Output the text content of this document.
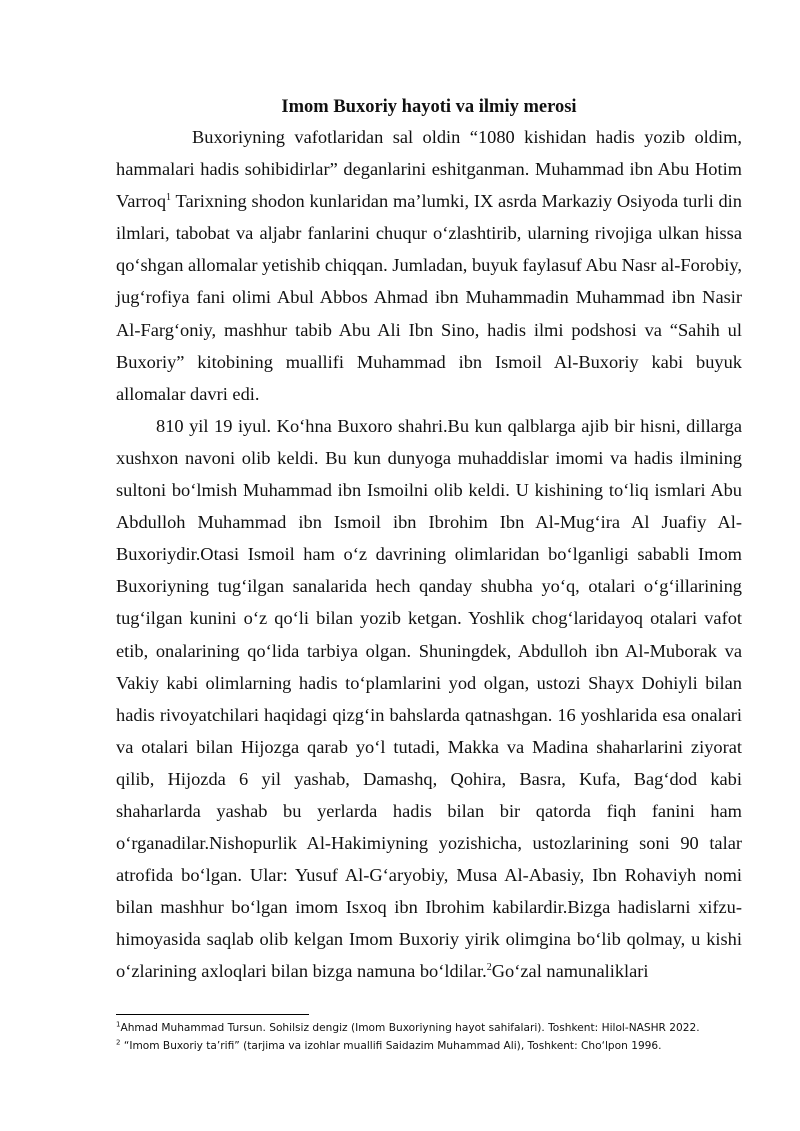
Imom Buxoriy hayoti va ilmiy merosi

Buxoriyning vafotlaridan sal oldin “1080 kishidan hadis yozib oldim, hammalari hadis sohibidirlar” deganlarini eshitganman. Muhammad ibn Abu Hotim Varroq$^1$ Tarixning shodon kunlaridan ma’lumki, IX asrda Markaziy Osiyoda turli din ilmlari, tabobat va aljabr fanlarini chuqur o‘zlashtirib, ularning rivojiga ulkan hissa qo‘shgan allomalar yetishib chiqqan. Jumladan, buyuk faylasuf Abu Nasr al-Forobiy, jug‘rofiya fani olimi Abul Abbos Ahmad ibn Muhammadin Muhammad ibn Nasir Al-Farg‘oniy, mashhur tabib Abu Ali Ibn Sino, hadis ilmi podshosi va “Sahih ul Buxoriy” kitobining muallifi Muhammad ibn Ismoil Al-Buxoriy kabi buyuk allomalar davri edi.

810 yil 19 iyul. Ko‘hna Buxoro shahri.Bu kun qalblarga ajib bir hisni, dillarga xushxon navoni olib keldi. Bu kun dunyoga muhaddislar imomi va hadis ilmining sultoni bo‘lmish Muhammad ibn Ismoilni olib keldi. U kishining to‘liq ismlari Abu Abdulloh Muhammad ibn Ismoil ibn Ibrohim Ibn Al-Mug‘ira Al Juafiy Al-Buxoriydir.Otasi Ismoil ham o‘z davrining olimlaridan bo‘lganligi sababli Imom Buxoriyning tug‘ilgan sanalarida hech qanday shubha yo‘q, otalari o‘g‘illarining tug‘ilgan kunini o‘z qo‘li bilan yozib ketgan. Yoshlik chog‘laridayoq otalari vafot etib, onalarining qo‘lida tarbiya olgan. Shuningdek, Abdulloh ibn Al-Muborak va Vakiy kabi olimlarning hadis to‘plamlarini yod olgan, ustozi Shayx Dohiyli bilan hadis rivoyatchilari haqidagi qizg‘in bahslarda qatnashgan. 16 yoshlarida esa onalari va otalari bilan Hijozga qarab yo‘l tutadi, Makka va Madina shaharlarini ziyorat qilib, Hijozda 6 yil yashab, Damashq, Qohira, Basra, Kufa, Bag‘dod kabi shaharlarda yashab bu yerlarda hadis bilan bir qatorda fiqh fanini ham o‘rganadilar.Nishopurlik Al-Hakimiyning yozishicha, ustozlarining soni 90 talar atrofida bo‘lgan. Ular: Yusuf Al-G‘aryobiy, Musa Al-Abasiy, Ibn Rohaviyh nomi bilan mashhur bo‘lgan imom Isxoq ibn Ibrohim kabilardir.Bizga hadislarni xifzu-himoyasida saqlab olib kelgan Imom Buxoriy yirik olimgina bo‘lib qolmay, u kishi o‘zlarining axloqlari bilan bizga namuna bo‘ldilar.$^2$Go‘zal namunaliklari

$^1$Ahmad Muhammad Tursun. Sohilsiz dengiz (Imom Buxoriyning hayot sahifalari). Toshkent: Hilol-NASHR 2022.

$^2$ “Imom Buxoriy ta’rifi” (tarjima va izohlar muallifi Saidazim Muhammad Ali), Toshkent: Cho‘lpon 1996.
